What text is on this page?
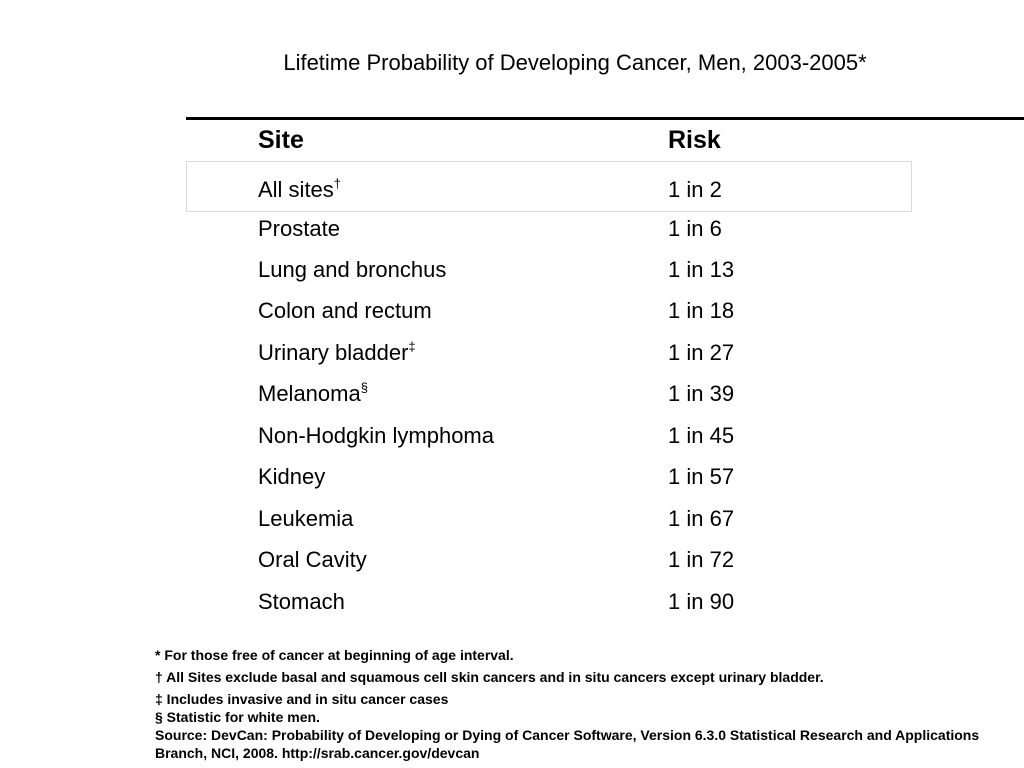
Lifetime Probability of Developing Cancer, Men, 2003-2005*
Site	Risk
All sites†	1 in 2
Prostate	1 in 6
Lung and bronchus	1 in 13
Colon and rectum	1 in 18
Urinary bladder‡	1 in 27
Melanoma§	1 in 39
Non-Hodgkin lymphoma	1 in 45
Kidney	1 in 57
Leukemia	1 in 67
Oral Cavity	1 in 72
Stomach	1 in 90
* For those free of cancer at beginning of age interval.
† All Sites exclude basal and squamous cell skin cancers and in situ cancers except urinary bladder.
‡ Includes invasive and in situ cancer cases
§ Statistic for white men.
Source: DevCan: Probability of Developing or Dying of Cancer Software, Version 6.3.0 Statistical Research and Applications Branch, NCI, 2008. http://srab.cancer.gov/devcan
